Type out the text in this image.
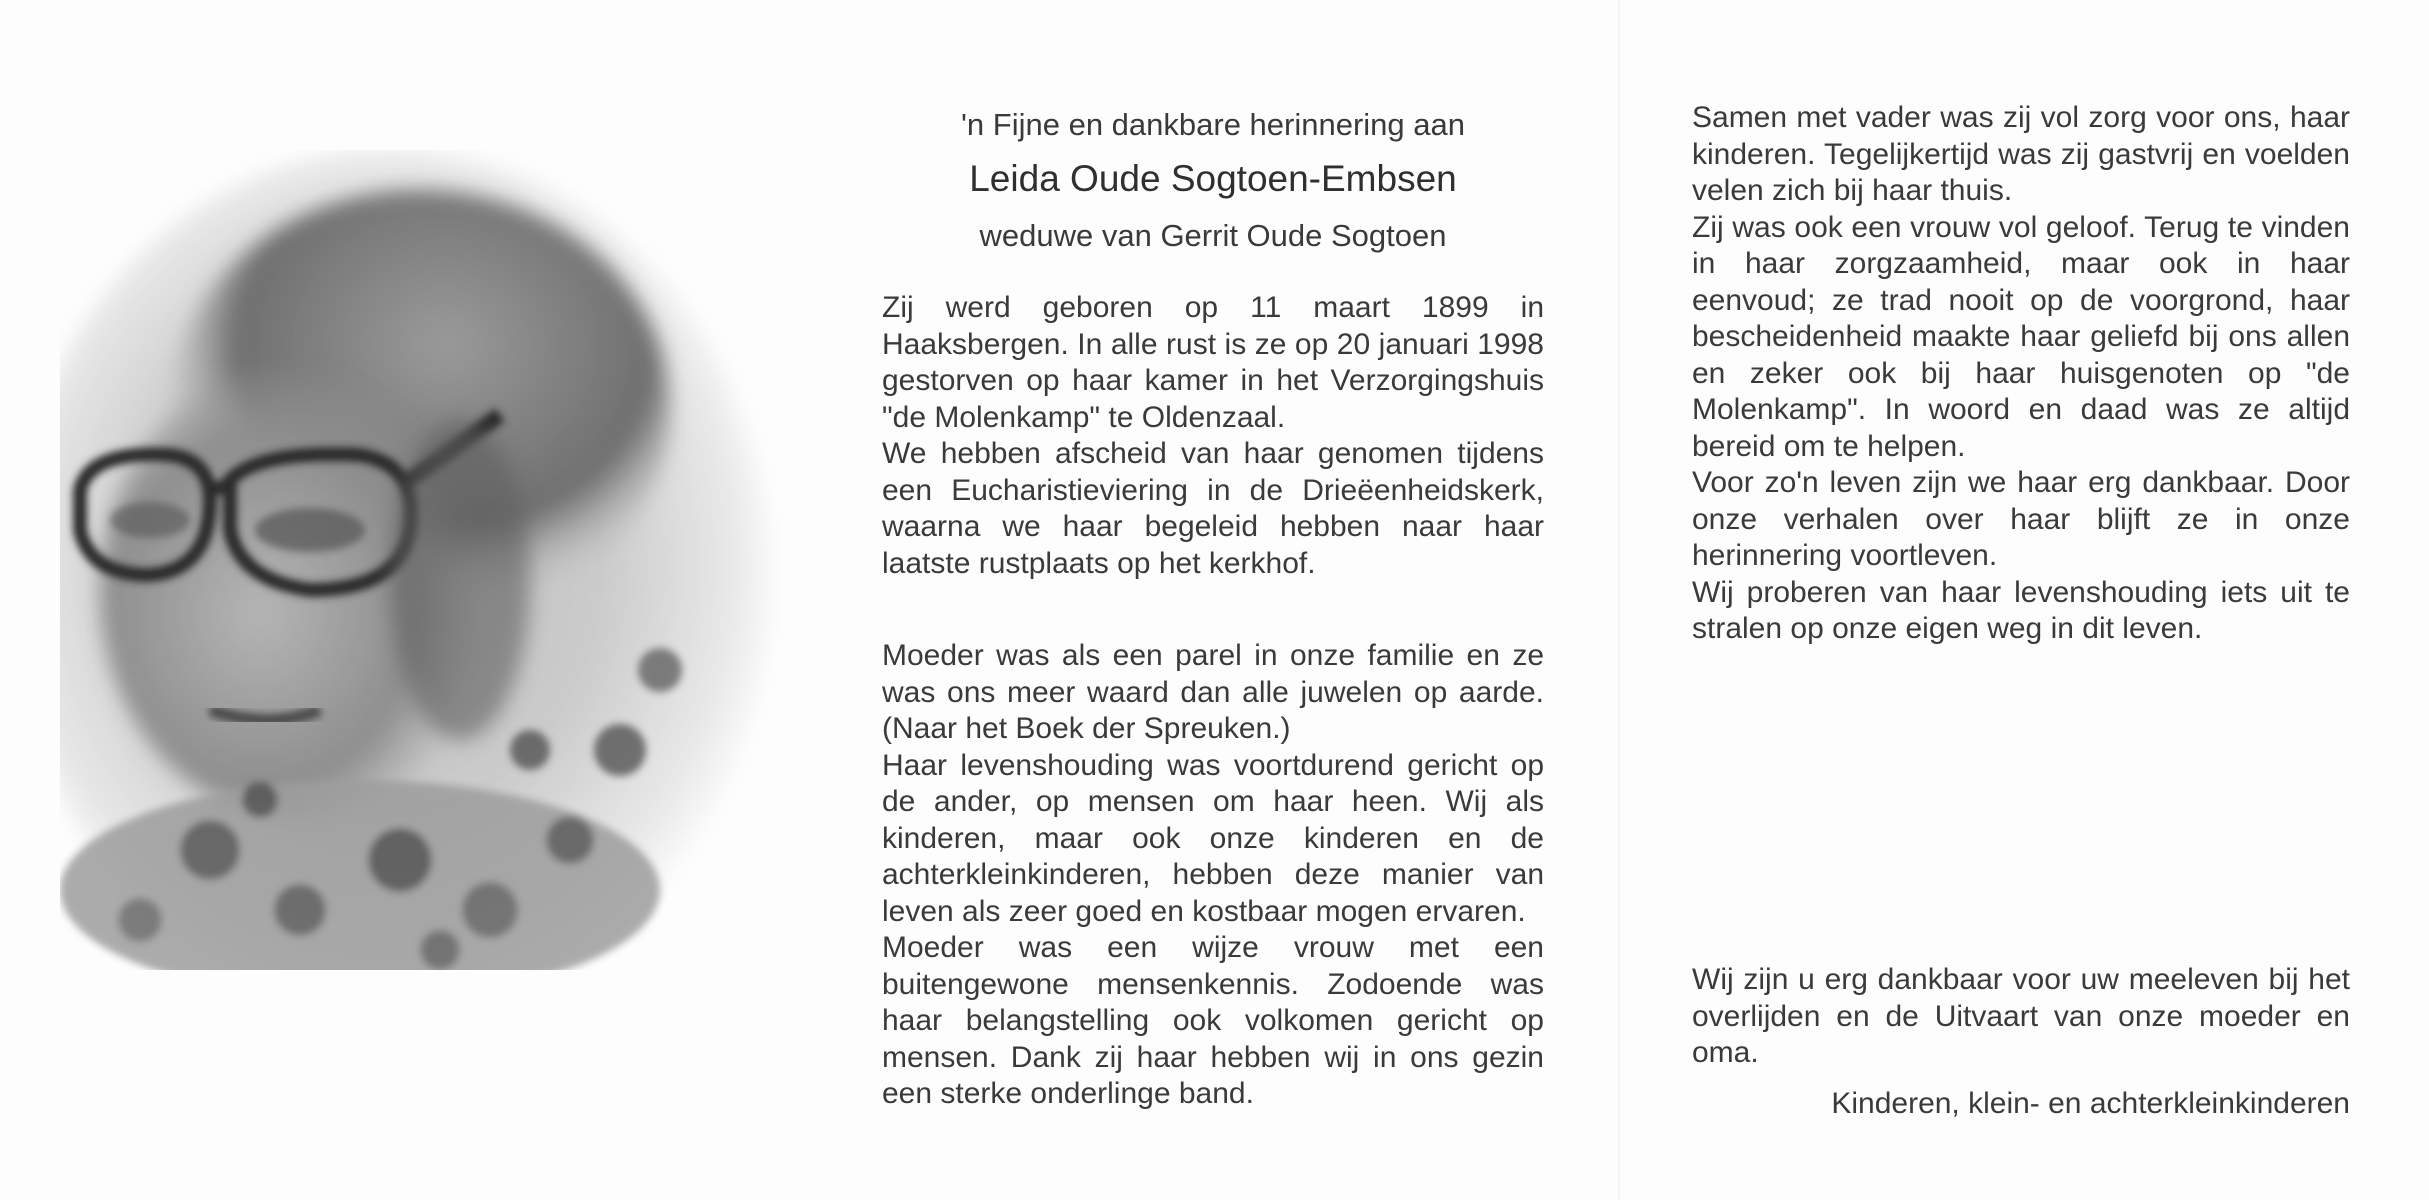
'n Fijne en dankbare herinnering aan

Leida Oude Sogtoen-Embsen

weduwe van Gerrit Oude Sogtoen

Zij werd geboren op 11 maart 1899 in Haaksbergen. In alle rust is ze op 20 januari 1998 gestorven op haar kamer in het Verzorgingshuis "de Molenkamp" te Oldenzaal.

We hebben afscheid van haar genomen tijdens een Eucharistieviering in de Drieëenheidskerk, waarna we haar begeleid hebben naar haar laatste rustplaats op het kerkhof.

Moeder was als een parel in onze familie en ze was ons meer waard dan alle juwelen op aarde. (Naar het Boek der Spreuken.)

Haar levenshouding was voortdurend gericht op de ander, op mensen om haar heen. Wij als kinderen, maar ook onze kinderen en de achterkleinkinderen, hebben deze manier van leven als zeer goed en kostbaar mogen ervaren.

Moeder was een wijze vrouw met een buitengewone mensenkennis. Zodoende was haar belangstelling ook volkomen gericht op mensen. Dank zij haar hebben wij in ons gezin een sterke onderlinge band.

Samen met vader was zij vol zorg voor ons, haar kinderen. Tegelijkertijd was zij gastvrij en voelden velen zich bij haar thuis.

Zij was ook een vrouw vol geloof. Terug te vinden in haar zorgzaamheid, maar ook in haar eenvoud; ze trad nooit op de voorgrond, haar bescheidenheid maakte haar geliefd bij ons allen en zeker ook bij haar huisgenoten op "de Molenkamp". In woord en daad was ze altijd bereid om te helpen.

Voor zo'n leven zijn we haar erg dankbaar. Door onze verhalen over haar blijft ze in onze herinnering voortleven.

Wij proberen van haar levenshouding iets uit te stralen op onze eigen weg in dit leven.

Wij zijn u erg dankbaar voor uw meeleven bij het overlijden en de Uitvaart van onze moeder en oma.

Kinderen, klein- en achterkleinkinderen
